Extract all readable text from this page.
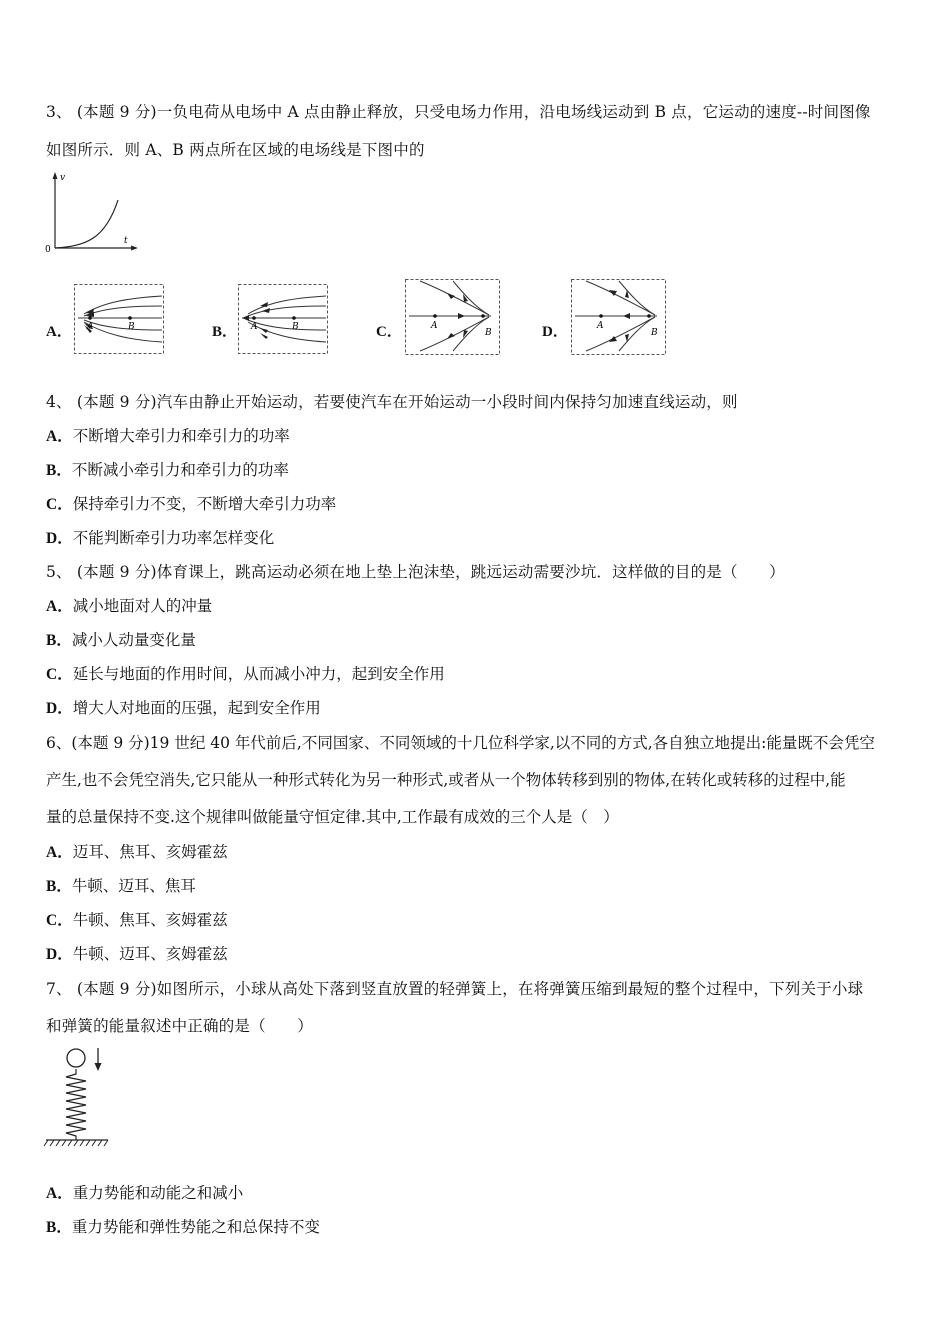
3、 (本题 9 分)一负电荷从电场中 A 点由静止释放，只受电场力作用，沿电场线运动到 B 点，它运动的速度--时间图像
如图所示．则 A、B 两点所在区域的电场线是下图中的
v
t
0
A． A	B	B． A	B	C．	A
B	D．	A
B
4、 (本题 9 分)汽车由静止开始运动，若要使汽车在开始运动一小段时间内保持匀加速直线运动，则
A．不断增大牵引力和牵引力的功率
B．不断减小牵引力和牵引力的功率
C．保持牵引力不变，不断增大牵引力功率
D．不能判断牵引力功率怎样变化
5、 (本题 9 分)体育课上，跳高运动必须在地上垫上泡沫垫，跳远运动需要沙坑．这样做的目的是（　　）
A．减小地面对人的冲量
B．减小人动量变化量
C．延长与地面的作用时间，从而减小冲力，起到安全作用
D．增大人对地面的压强，起到安全作用
6、(本题 9 分)19 世纪 40 年代前后,不同国家、不同领域的十几位科学家,以不同的方式,各自独立地提出:能量既不会凭空
产生,也不会凭空消失,它只能从一种形式转化为另一种形式,或者从一个物体转移到别的物体,在转化或转移的过程中,能
量的总量保持不变.这个规律叫做能量守恒定律.其中,工作最有成效的三个人是（　）
A．迈耳、焦耳、亥姆霍兹
B．牛顿、迈耳、焦耳
C．牛顿、焦耳、亥姆霍兹
D．牛顿、迈耳、亥姆霍兹
7、 (本题 9 分)如图所示，小球从高处下落到竖直放置的轻弹簧上，在将弹簧压缩到最短的整个过程中，下列关于小球
和弹簧的能量叙述中正确的是（　　）
A．重力势能和动能之和减小
B．重力势能和弹性势能之和总保持不变
